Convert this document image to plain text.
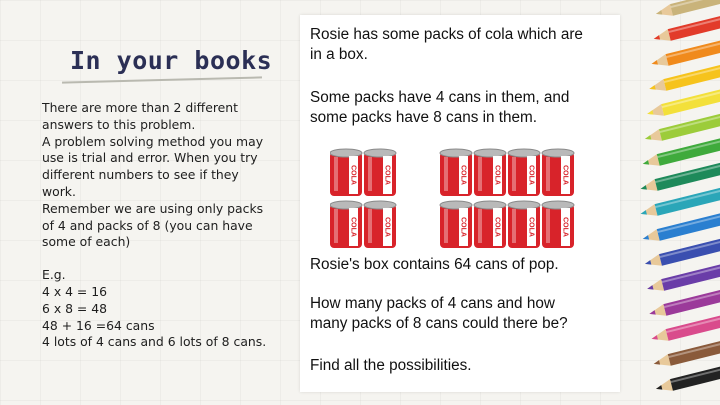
In your books
There are more than 2 different
answers to this problem.
A problem solving method you may
use is trial and error. When you try
different numbers to see if they
work.
Remember we are using only packs
of 4 and packs of 8 (you can have
some of each)
E.g.
4 x 4 = 16
6 x 8 = 48
48 + 16 =64 cans
4 lots of 4 cans and 6 lots of 8 cans.
Rosie has some packs of cola which are
in a box.
Some packs have 4 cans in them, and
some packs have 8 cans in them.
COLA	COLA
COLA	COLA
COLA	COLA	COLA	COLA
COLA	COLA	COLA	COLA
Rosie's box contains 64 cans of pop.
How many packs of 4 cans and how
many packs of 8 cans could there be?
Find all the possibilities.
